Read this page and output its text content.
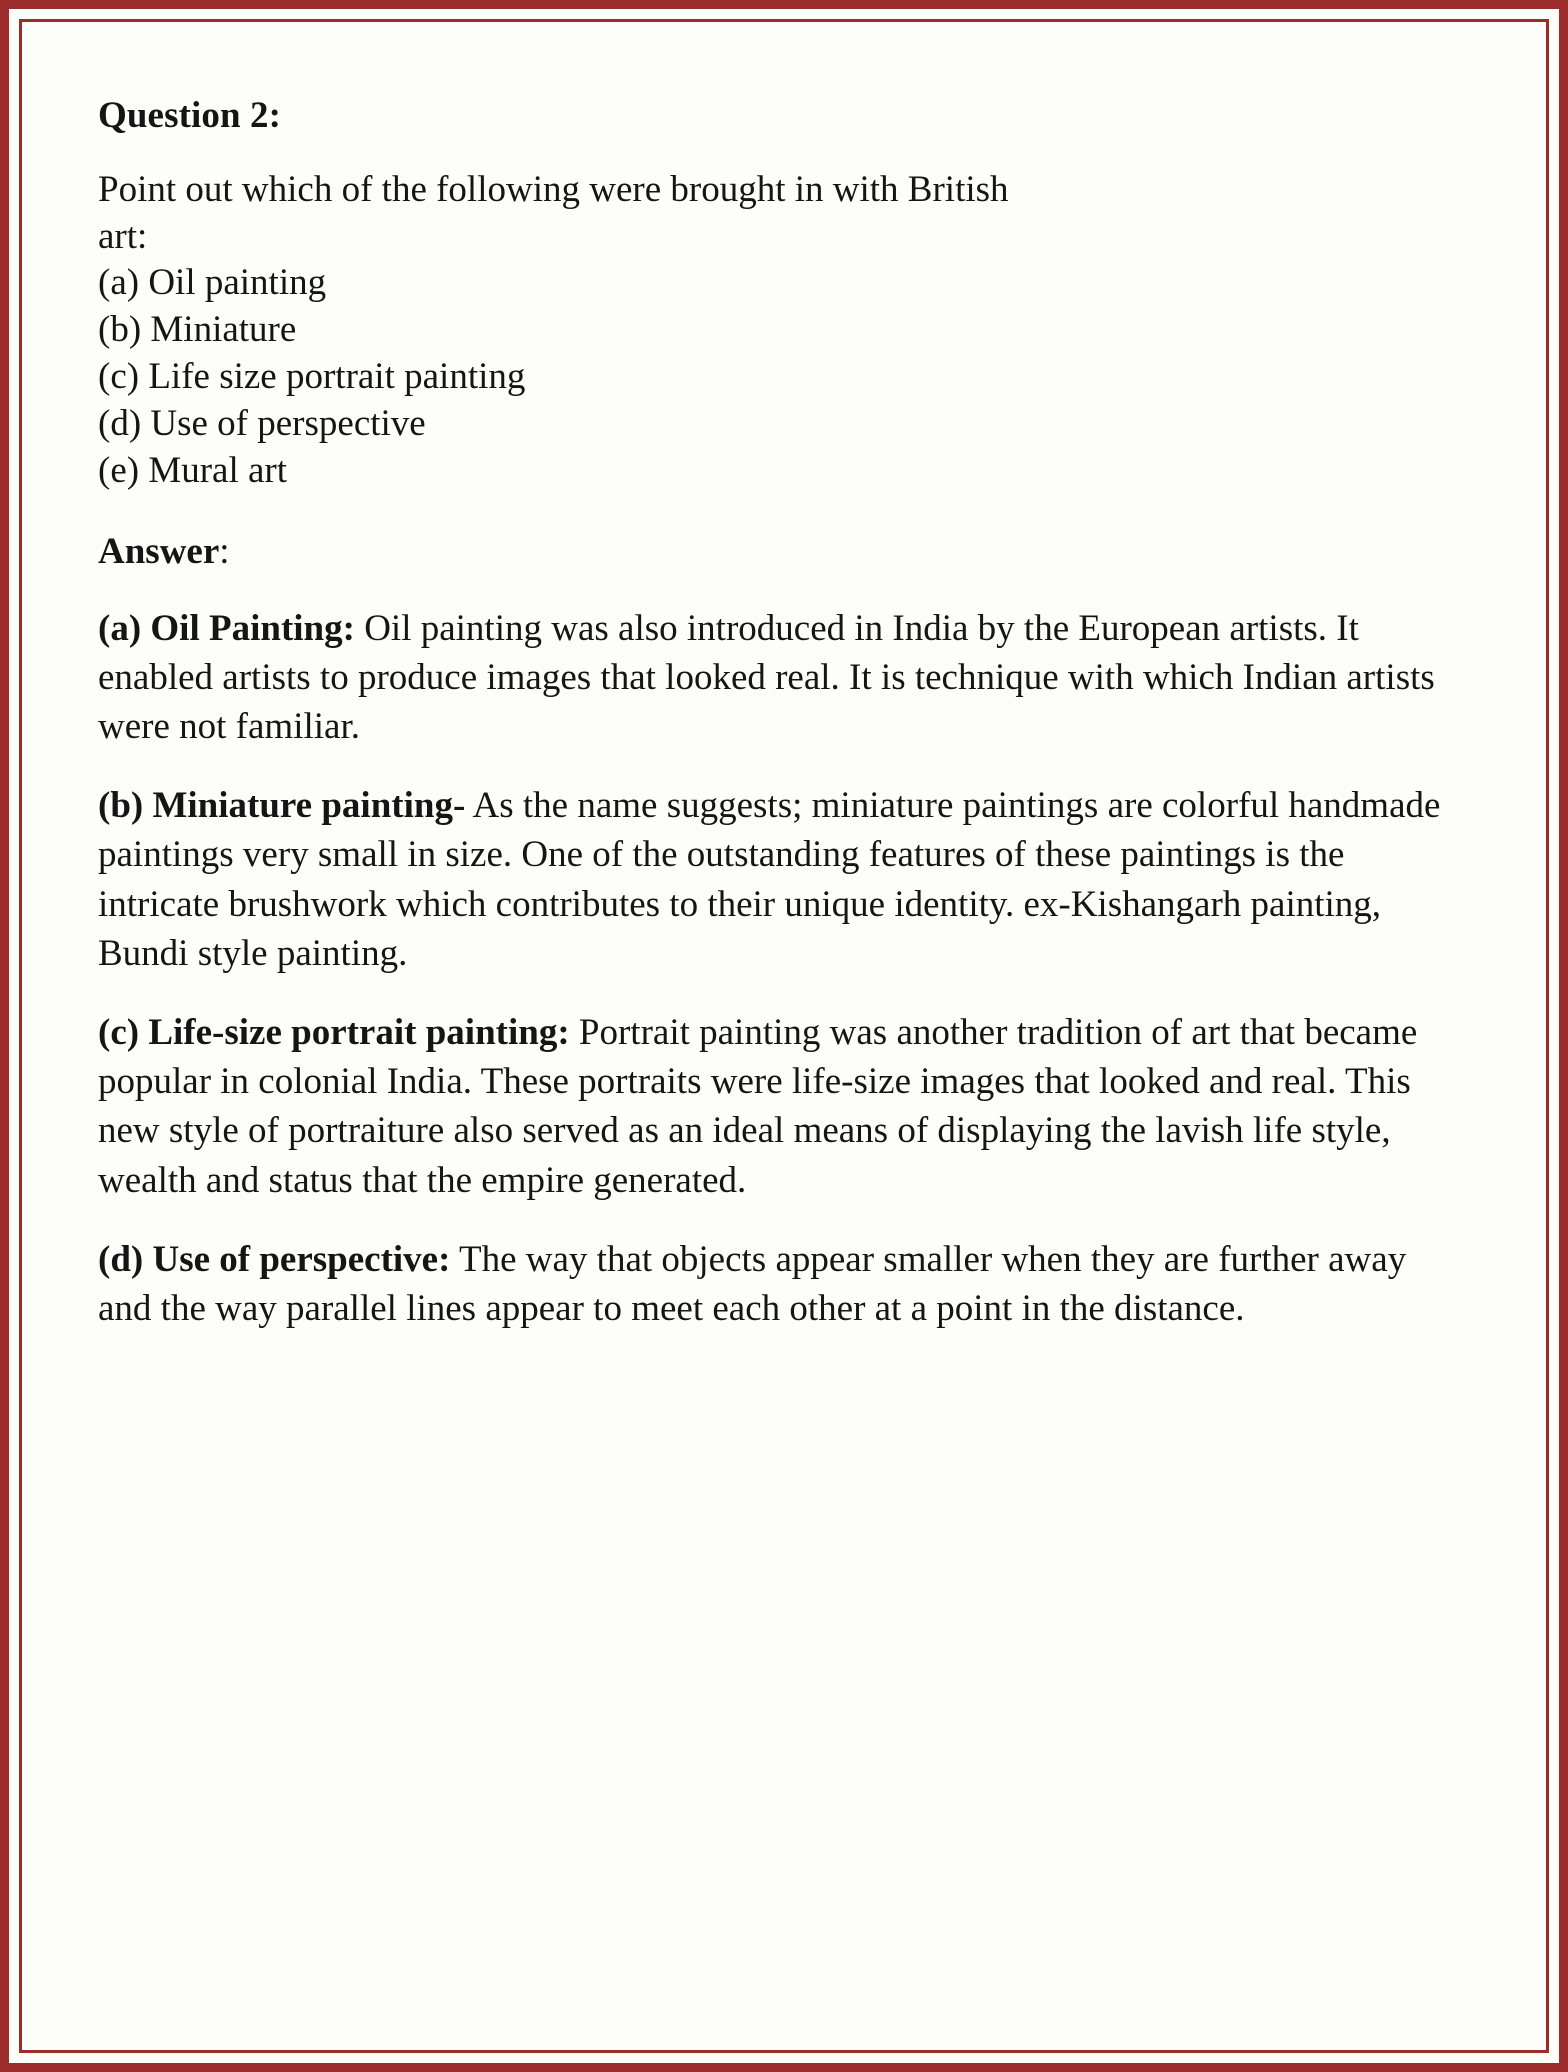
Question 2:

Point out which of the following were brought in with British
art:

(a) Oil painting
(b) Miniature
(c) Life size portrait painting
(d) Use of perspective
(e) Mural art

Answer:

(a) Oil Painting: Oil painting was also introduced in India by the European artists. It enabled artists to produce images that looked real. It is technique with which Indian artists were not familiar.

(b) Miniature painting- As the name suggests; miniature paintings are colorful handmade paintings very small in size. One of the outstanding features of these paintings is the intricate brushwork which contributes to their unique identity. ex-Kishangarh painting, Bundi style painting.

(c) Life-size portrait painting: Portrait painting was another tradition of art that became popular in colonial India. These portraits were life-size images that looked and real. This new style of portraiture also served as an ideal means of displaying the lavish life style, wealth and status that the empire generated.

(d) Use of perspective: The way that objects appear smaller when they are further away and the way parallel lines appear to meet each other at a point in the distance.
